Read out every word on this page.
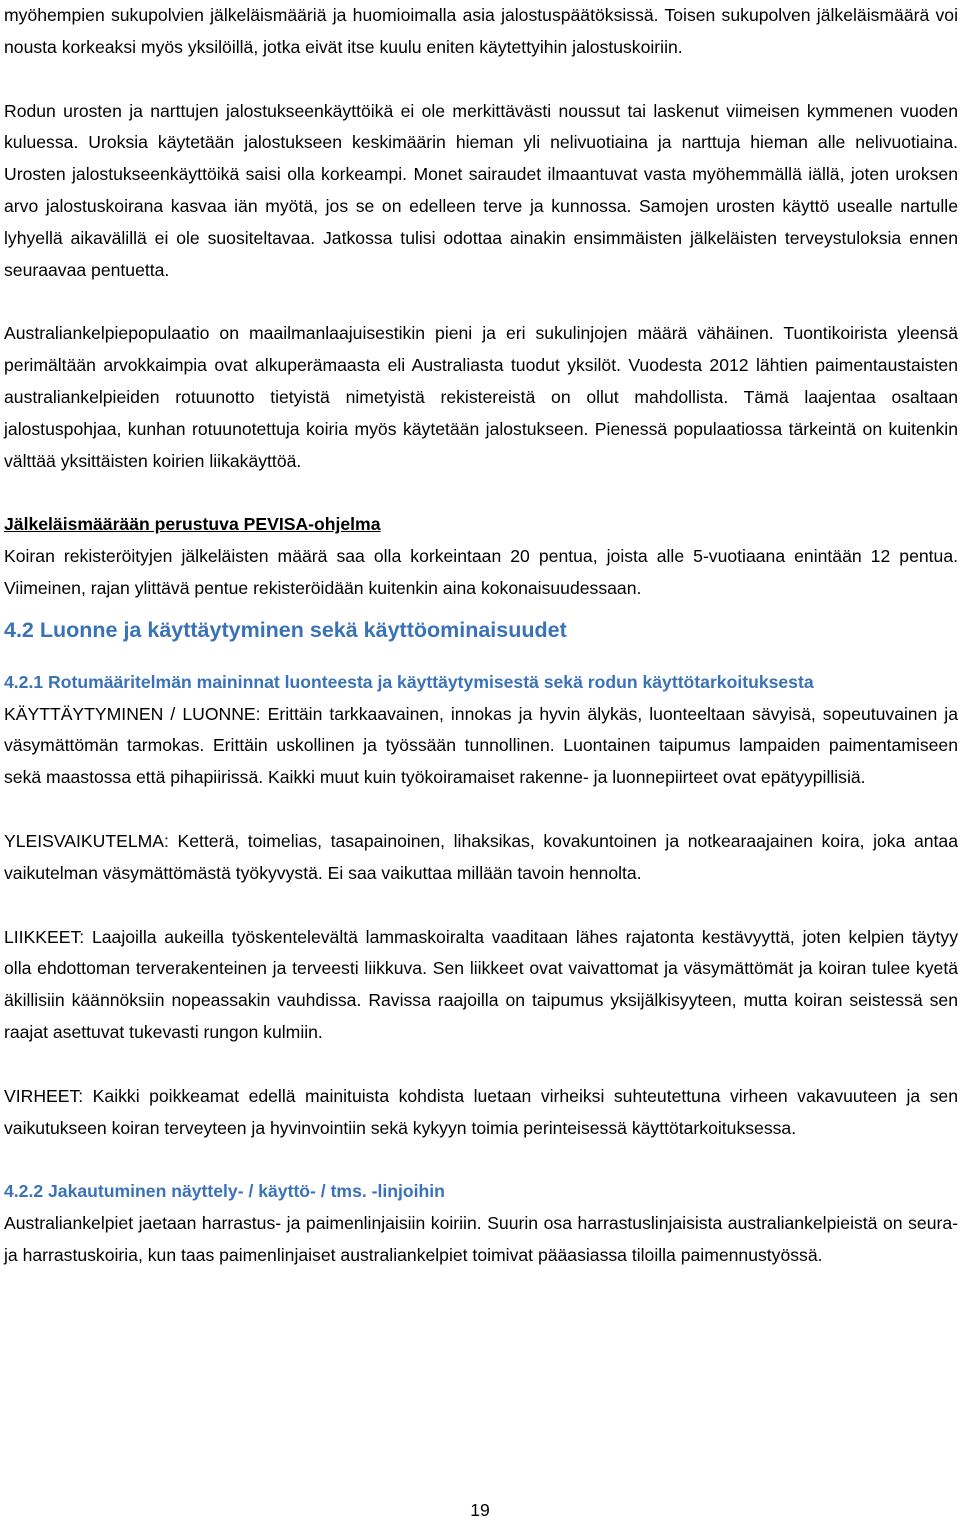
myöhempien sukupolvien jälkeläismääriä ja huomioimalla asia jalostuspäätöksissä. Toisen sukupolven jälkeläismäärä voi nousta korkeaksi myös yksilöillä, jotka eivät itse kuulu eniten käytettyihin jalostuskoiriin.

Rodun urosten ja narttujen jalostukseenkäyttöikä ei ole merkittävästi noussut tai laskenut viimeisen kymmenen vuoden kuluessa. Uroksia käytetään jalostukseen keskimäärin hieman yli nelivuotiaina ja narttuja hieman alle nelivuotiaina. Urosten jalostukseenkäyttöikä saisi olla korkeampi. Monet sairaudet ilmaantuvat vasta myöhemmällä iällä, joten uroksen arvo jalostuskoirana kasvaa iän myötä, jos se on edelleen terve ja kunnossa. Samojen urosten käyttö usealle nartulle lyhyellä aikavälillä ei ole suositeltavaa. Jatkossa tulisi odottaa ainakin ensimmäisten jälkeläisten terveystuloksia ennen seuraavaa pentuetta.

Australiankelpiepopulaatio on maailmanlaajuisestikin pieni ja eri sukulinjojen määrä vähäinen. Tuontikoirista yleensä perimältään arvokkaimpia ovat alkuperämaasta eli Australiasta tuodut yksilöt. Vuodesta 2012 lähtien paimentaustaisten australiankelpieiden rotuunotto tietyistä nimetyistä rekistereistä on ollut mahdollista. Tämä laajentaa osaltaan jalostuspohjaa, kunhan rotuunotettuja koiria myös käytetään jalostukseen. Pienessä populaatiossa tärkeintä on kuitenkin välttää yksittäisten koirien liikakäyttöä.

Jälkeläismäärään perustuva PEVISA-ohjelma

Koiran rekisteröityjen jälkeläisten määrä saa olla korkeintaan 20 pentua, joista alle 5-vuotiaana enintään 12 pentua. Viimeinen, rajan ylittävä pentue rekisteröidään kuitenkin aina kokonaisuudessaan.

4.2 Luonne ja käyttäytyminen sekä käyttöominaisuudet
4.2.1 Rotumääritelmän maininnat luonteesta ja käyttäytymisestä sekä rodun käyttötarkoituksesta

KÄYTTÄYTYMINEN / LUONNE: Erittäin tarkkaavainen, innokas ja hyvin älykäs, luonteeltaan sävyisä, sopeutuvainen ja väsymättömän tarmokas. Erittäin uskollinen ja työssään tunnollinen. Luontainen taipumus lampaiden paimentamiseen sekä maastossa että pihapiirissä. Kaikki muut kuin työkoiramaiset rakenne- ja luonnepiirteet ovat epätyypillisiä.

YLEISVAIKUTELMA: Ketterä, toimelias, tasapainoinen, lihaksikas, kovakuntoinen ja notkearaajainen koira, joka antaa vaikutelman väsymättömästä työkyvystä. Ei saa vaikuttaa millään tavoin hennolta.

LIIKKEET: Laajoilla aukeilla työskentelevältä lammaskoiralta vaaditaan lähes rajatonta kestävyyttä, joten kelpien täytyy olla ehdottoman terverakenteinen ja terveesti liikkuva. Sen liikkeet ovat vaivattomat ja väsymättömät ja koiran tulee kyetä äkillisiin käännöksiin nopeassakin vauhdissa. Ravissa raajoilla on taipumus yksijälkisyyteen, mutta koiran seistessä sen raajat asettuvat tukevasti rungon kulmiin.

VIRHEET: Kaikki poikkeamat edellä mainituista kohdista luetaan virheiksi suhteutettuna virheen vakavuuteen ja sen vaikutukseen koiran terveyteen ja hyvinvointiin sekä kykyyn toimia perinteisessä käyttötarkoituksessa.

4.2.2 Jakautuminen näyttely- / käyttö- / tms. -linjoihin

Australiankelpiet jaetaan harrastus- ja paimenlinjaisiin koiriin. Suurin osa harrastuslinjaisista australiankelpieistä on seura- ja harrastuskoiria, kun taas paimenlinjaiset australiankelpiet toimivat pääasiassa tiloilla paimennustyössä.

19
